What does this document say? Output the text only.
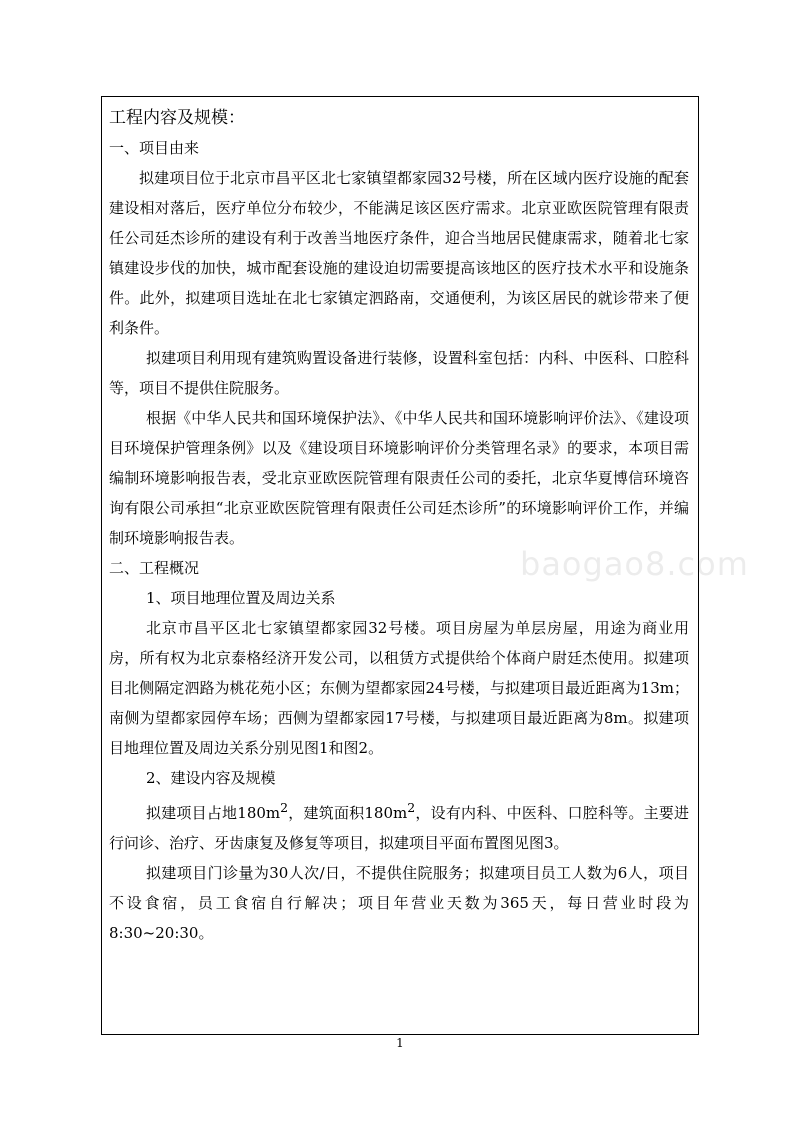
工程内容及规模：

一、项目由来

拟建项目位于北京市昌平区北七家镇望都家园32号楼，所在区域内医疗设施的配套建设相对落后，医疗单位分布较少，不能满足该区医疗需求。北京亚欧医院管理有限责任公司廷杰诊所的建设有利于改善当地医疗条件，迎合当地居民健康需求，随着北七家镇建设步伐的加快，城市配套设施的建设迫切需要提高该地区的医疗技术水平和设施条件。此外，拟建项目选址在北七家镇定泗路南，交通便利，为该区居民的就诊带来了便利条件。

拟建项目利用现有建筑购置设备进行装修，设置科室包括：内科、中医科、口腔科等，项目不提供住院服务。

根据《中华人民共和国环境保护法》、《中华人民共和国环境影响评价法》、《建设项目环境保护管理条例》以及《建设项目环境影响评价分类管理名录》的要求，本项目需编制环境影响报告表，受北京亚欧医院管理有限责任公司的委托，北京华夏博信环境咨询有限公司承担“北京亚欧医院管理有限责任公司廷杰诊所”的环境影响评价工作，并编制环境影响报告表。

二、工程概况

1、项目地理位置及周边关系

北京市昌平区北七家镇望都家园32号楼。项目房屋为单层房屋，用途为商业用房，所有权为北京泰格经济开发公司，以租赁方式提供给个体商户尉廷杰使用。拟建项目北侧隔定泗路为桃花苑小区；东侧为望都家园24号楼，与拟建项目最近距离为13m；南侧为望都家园停车场；西侧为望都家园17号楼，与拟建项目最近距离为8m。拟建项目地理位置及周边关系分别见图1和图2。

2、建设内容及规模

拟建项目占地$180m^2$，建筑面积$180m^2$，设有内科、中医科、口腔科等。主要进行问诊、治疗、牙齿康复及修复等项目，拟建项目平面布置图见图3。

拟建项目门诊量为30人次/日，不提供住院服务；拟建项目员工人数为6人，项目不设食宿，员工食宿自行解决；项目年营业天数为365天，每日营业时段为8:30~20:30。

baogao8.com
1
